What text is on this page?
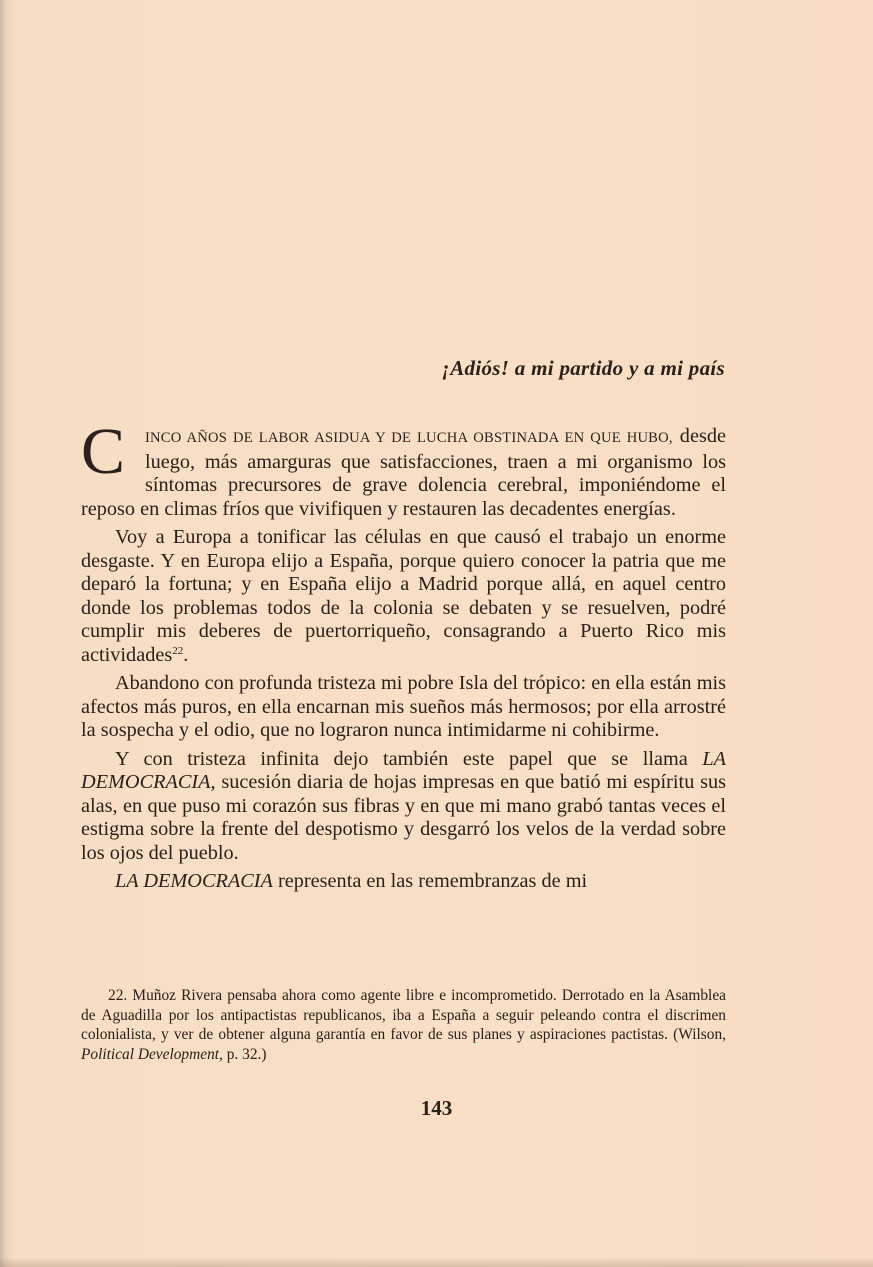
¡Adiós! a mi partido y a mi país

C	INCO AÑOS DE LABOR ASIDUA Y DE LUCHA OBSTINADA EN QUE HUBO, desde luego, más amarguras que satisfacciones, traen a mi organismo los síntomas precursores de grave dolencia cerebral, imponiéndome el reposo en climas fríos que vivifiquen y restauren las decadentes energías.

Voy a Europa a tonificar las células en que causó el trabajo un enorme desgaste. Y en Europa elijo a España, porque quiero conocer la patria que me deparó la fortuna; y en España elijo a Madrid porque allá, en aquel centro donde los problemas todos de la colonia se debaten y se resuelven, podré cumplir mis deberes de puertorriqueño, consagrando a Puerto Rico mis actividades$^{22}$.

Abandono con profunda tristeza mi pobre Isla del trópico: en ella están mis afectos más puros, en ella encarnan mis sueños más hermosos; por ella arrostré la sospecha y el odio, que no lograron nunca intimidarme ni cohibirme.

Y con tristeza infinita dejo también este papel que se llama LA DEMOCRACIA, sucesión diaria de hojas impresas en que batió mi espíritu sus alas, en que puso mi corazón sus fibras y en que mi mano grabó tantas veces el estigma sobre la frente del despotismo y desgarró los velos de la verdad sobre los ojos del pueblo.

LA DEMOCRACIA representa en las remembranzas de mi

22. Muñoz Rivera pensaba ahora como agente libre e incomprometido. Derrotado en la Asamblea de Aguadilla por los antipactistas republicanos, iba a España a seguir peleando contra el discrimen colonialista, y ver de obtener alguna garantía en favor de sus planes y aspiraciones pactistas. (Wilson, Political Development, p. 32.)
143
